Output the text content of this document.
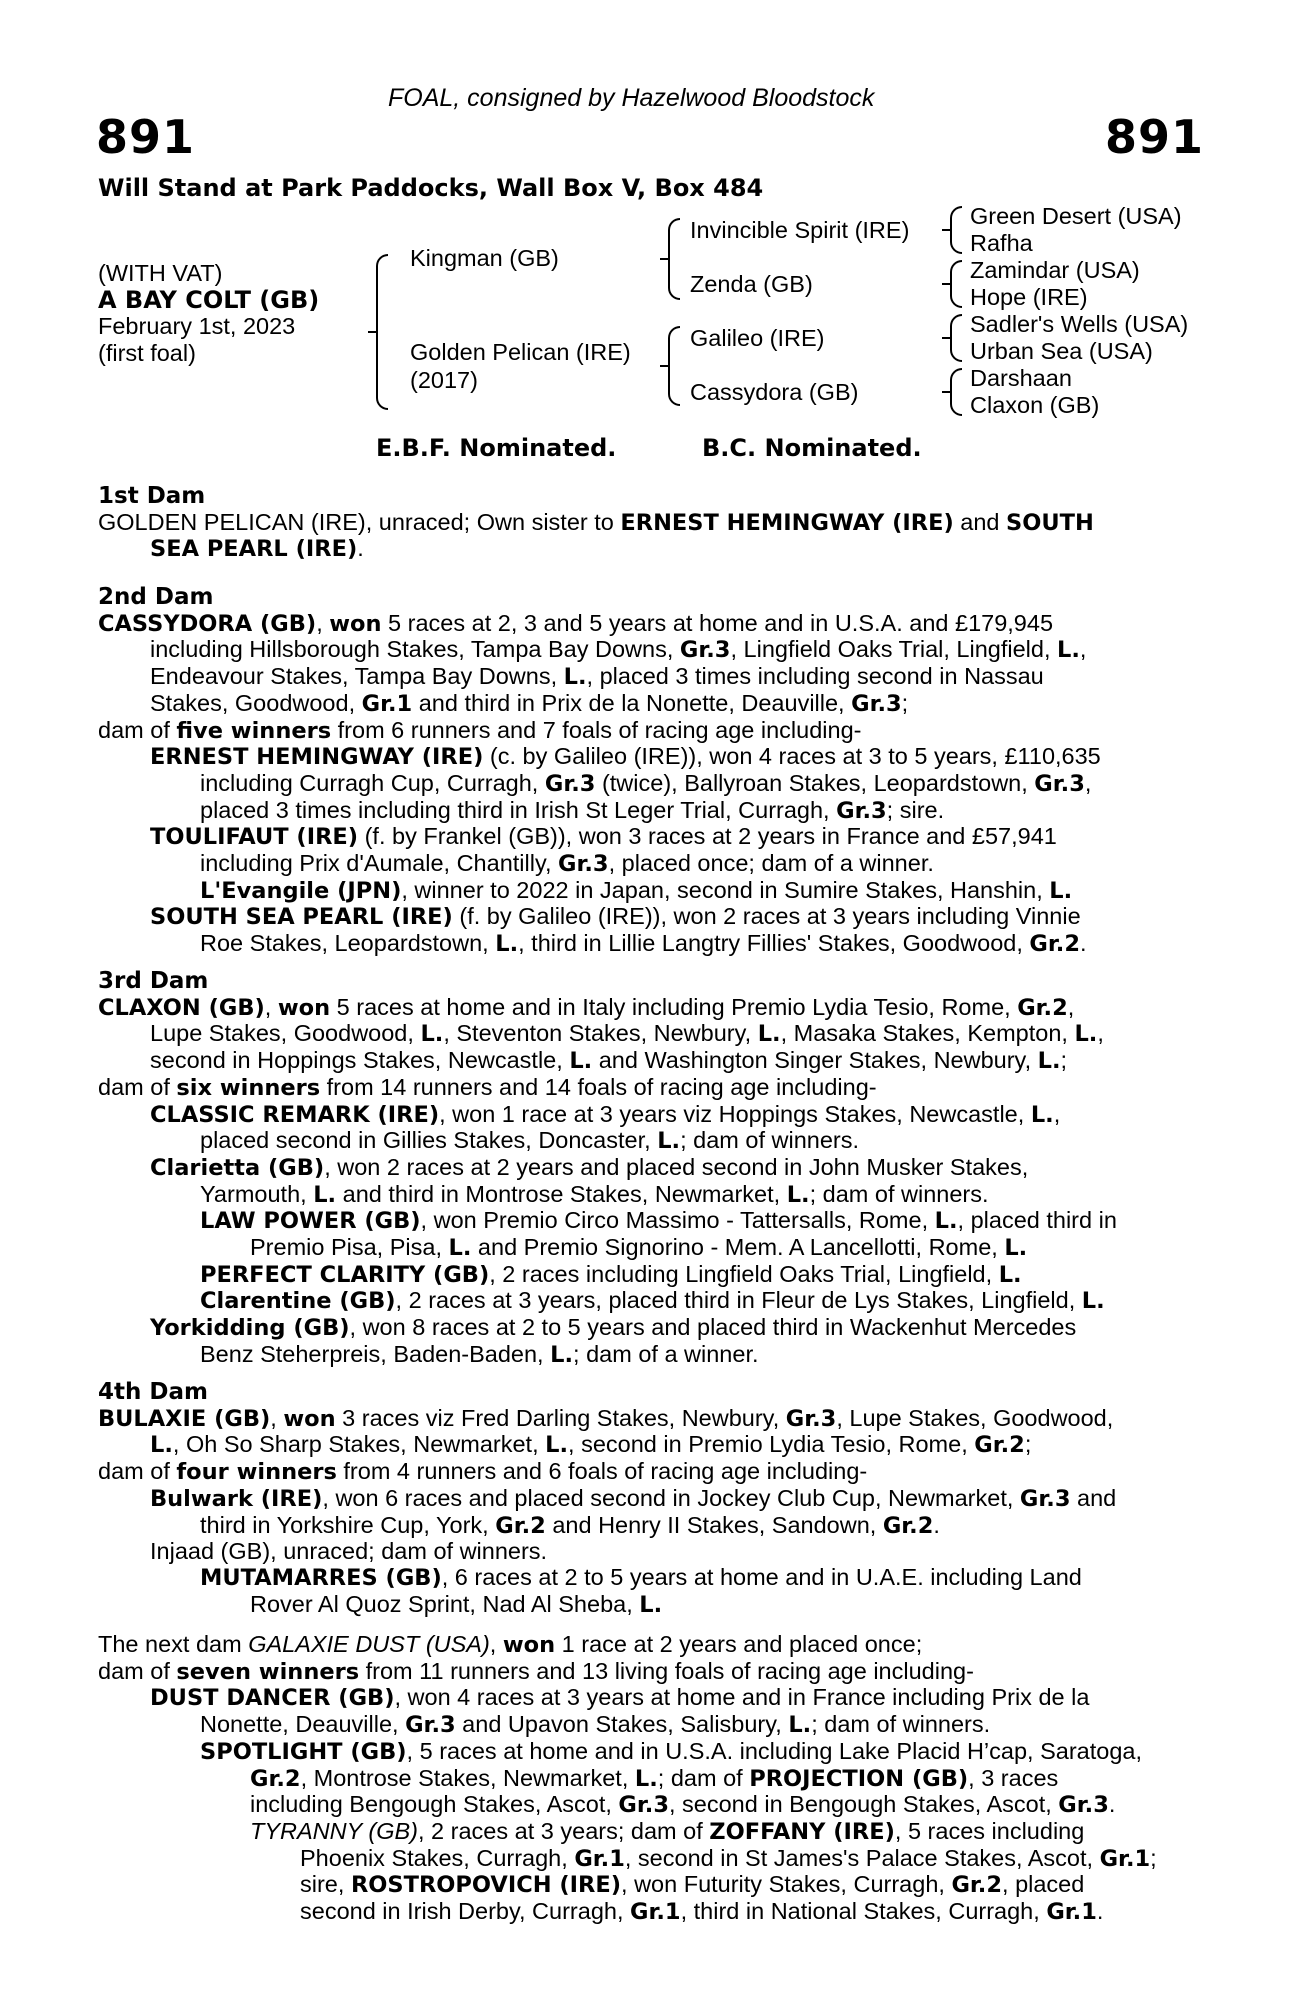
FOAL, consigned by Hazelwood Bloodstock
891	891
Will Stand at Park Paddocks, Wall Box V, Box 484
(WITH VAT)
A BAY COLT (GB)
February 1st, 2023
(first foal)
Kingman (GB)
Golden Pelican (IRE)
(2017)
Invincible Spirit (IRE)
Zenda (GB)
Galileo (IRE)
Cassydora (GB)
Green Desert (USA)
Rafha
Zamindar (USA)
Hope (IRE)
Sadler's Wells (USA)
Urban Sea (USA)
Darshaan
Claxon (GB)
E.B.F. Nominated.	B.C. Nominated.
1st Dam
GOLDEN PELICAN (IRE), unraced; Own sister to ERNEST HEMINGWAY (IRE) and SOUTH
SEA PEARL (IRE).
2nd Dam
CASSYDORA (GB), won 5 races at 2, 3 and 5 years at home and in U.S.A. and £179,945
including Hillsborough Stakes, Tampa Bay Downs, Gr.3, Lingfield Oaks Trial, Lingfield, L.,
Endeavour Stakes, Tampa Bay Downs, L., placed 3 times including second in Nassau
Stakes, Goodwood, Gr.1 and third in Prix de la Nonette, Deauville, Gr.3;
dam of five winners from 6 runners and 7 foals of racing age including-
ERNEST HEMINGWAY (IRE) (c. by Galileo (IRE)), won 4 races at 3 to 5 years, £110,635
including Curragh Cup, Curragh, Gr.3 (twice), Ballyroan Stakes, Leopardstown, Gr.3,
placed 3 times including third in Irish St Leger Trial, Curragh, Gr.3; sire.
TOULIFAUT (IRE) (f. by Frankel (GB)), won 3 races at 2 years in France and £57,941
including Prix d'Aumale, Chantilly, Gr.3, placed once; dam of a winner.
L'Evangile (JPN), winner to 2022 in Japan, second in Sumire Stakes, Hanshin, L.
SOUTH SEA PEARL (IRE) (f. by Galileo (IRE)), won 2 races at 3 years including Vinnie
Roe Stakes, Leopardstown, L., third in Lillie Langtry Fillies' Stakes, Goodwood, Gr.2.
3rd Dam
CLAXON (GB), won 5 races at home and in Italy including Premio Lydia Tesio, Rome, Gr.2,
Lupe Stakes, Goodwood, L., Steventon Stakes, Newbury, L., Masaka Stakes, Kempton, L.,
second in Hoppings Stakes, Newcastle, L. and Washington Singer Stakes, Newbury, L.;
dam of six winners from 14 runners and 14 foals of racing age including-
CLASSIC REMARK (IRE), won 1 race at 3 years viz Hoppings Stakes, Newcastle, L.,
placed second in Gillies Stakes, Doncaster, L.; dam of winners.
Clarietta (GB), won 2 races at 2 years and placed second in John Musker Stakes,
Yarmouth, L. and third in Montrose Stakes, Newmarket, L.; dam of winners.
LAW POWER (GB), won Premio Circo Massimo - Tattersalls, Rome, L., placed third in
Premio Pisa, Pisa, L. and Premio Signorino - Mem. A Lancellotti, Rome, L.
PERFECT CLARITY (GB), 2 races including Lingfield Oaks Trial, Lingfield, L.
Clarentine (GB), 2 races at 3 years, placed third in Fleur de Lys Stakes, Lingfield, L.
Yorkidding (GB), won 8 races at 2 to 5 years and placed third in Wackenhut Mercedes
Benz Steherpreis, Baden-Baden, L.; dam of a winner.
4th Dam
BULAXIE (GB), won 3 races viz Fred Darling Stakes, Newbury, Gr.3, Lupe Stakes, Goodwood,
L., Oh So Sharp Stakes, Newmarket, L., second in Premio Lydia Tesio, Rome, Gr.2;
dam of four winners from 4 runners and 6 foals of racing age including-
Bulwark (IRE), won 6 races and placed second in Jockey Club Cup, Newmarket, Gr.3 and
third in Yorkshire Cup, York, Gr.2 and Henry II Stakes, Sandown, Gr.2.
Injaad (GB), unraced; dam of winners.
MUTAMARRES (GB), 6 races at 2 to 5 years at home and in U.A.E. including Land
Rover Al Quoz Sprint, Nad Al Sheba, L.
The next dam GALAXIE DUST (USA), won 1 race at 2 years and placed once;
dam of seven winners from 11 runners and 13 living foals of racing age including-
DUST DANCER (GB), won 4 races at 3 years at home and in France including Prix de la
Nonette, Deauville, Gr.3 and Upavon Stakes, Salisbury, L.; dam of winners.
SPOTLIGHT (GB), 5 races at home and in U.S.A. including Lake Placid H’cap, Saratoga,
Gr.2, Montrose Stakes, Newmarket, L.; dam of PROJECTION (GB), 3 races
including Bengough Stakes, Ascot, Gr.3, second in Bengough Stakes, Ascot, Gr.3.
TYRANNY (GB), 2 races at 3 years; dam of ZOFFANY (IRE), 5 races including
Phoenix Stakes, Curragh, Gr.1, second in St James's Palace Stakes, Ascot, Gr.1;
sire, ROSTROPOVICH (IRE), won Futurity Stakes, Curragh, Gr.2, placed
second in Irish Derby, Curragh, Gr.1, third in National Stakes, Curragh, Gr.1.
